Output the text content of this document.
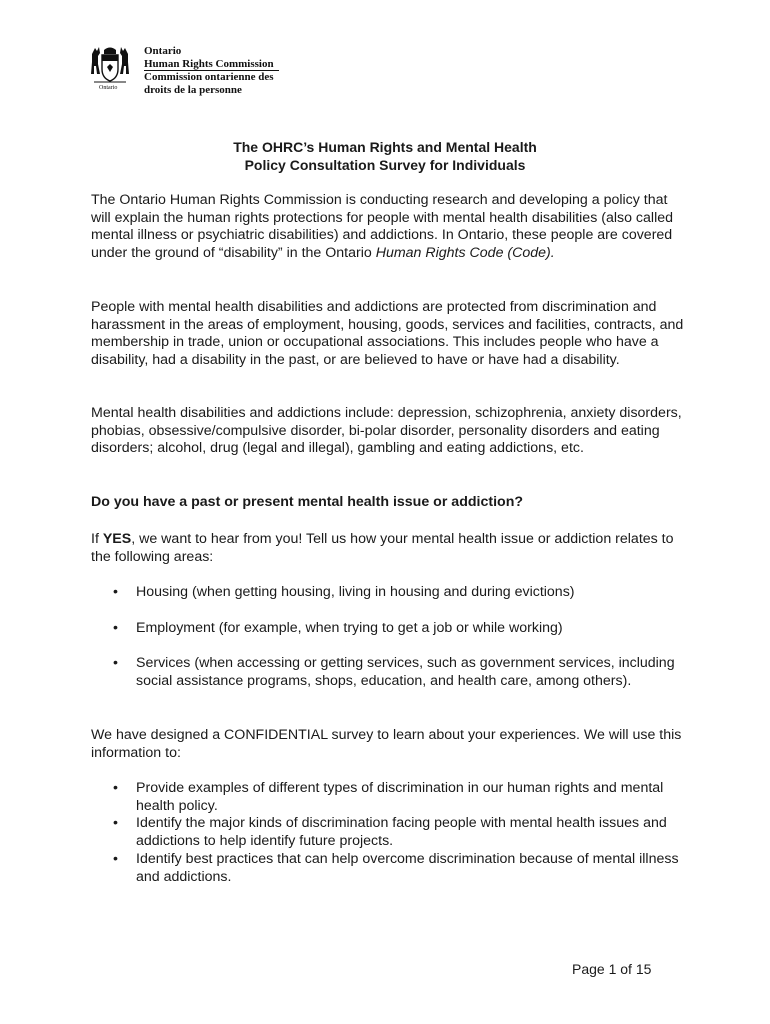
Ontario
Ontario
Human Rights Commission
Commission ontarienne des
droits de la personne
The OHRC’s Human Rights and Mental Health
Policy Consultation Survey for Individuals
The Ontario Human Rights Commission is conducting research and developing a policy that will explain the human rights protections for people with mental health disabilities (also called mental illness or psychiatric disabilities) and addictions. In Ontario, these people are covered under the ground of “disability” in the Ontario Human Rights Code (Code).
People with mental health disabilities and addictions are protected from discrimination and harassment in the areas of employment, housing, goods, services and facilities, contracts, and membership in trade, union or occupational associations. This includes people who have a disability, had a disability in the past, or are believed to have or have had a disability.
Mental health disabilities and addictions include: depression, schizophrenia, anxiety disorders, phobias, obsessive/compulsive disorder, bi-polar disorder, personality disorders and eating disorders; alcohol, drug (legal and illegal), gambling and eating addictions, etc.
Do you have a past or present mental health issue or addiction?
If YES, we want to hear from you! Tell us how your mental health issue or addiction relates to the following areas:
• Housing (when getting housing, living in housing and during evictions)
• Employment (for example, when trying to get a job or while working)
• Services (when accessing or getting services, such as government services, including social assistance programs, shops, education, and health care, among others).
We have designed a CONFIDENTIAL survey to learn about your experiences. We will use this information to:
• Provide examples of different types of discrimination in our human rights and mental health policy.
• Identify the major kinds of discrimination facing people with mental health issues and addictions to help identify future projects.
• Identify best practices that can help overcome discrimination because of mental illness and addictions.
Page 1 of 15
